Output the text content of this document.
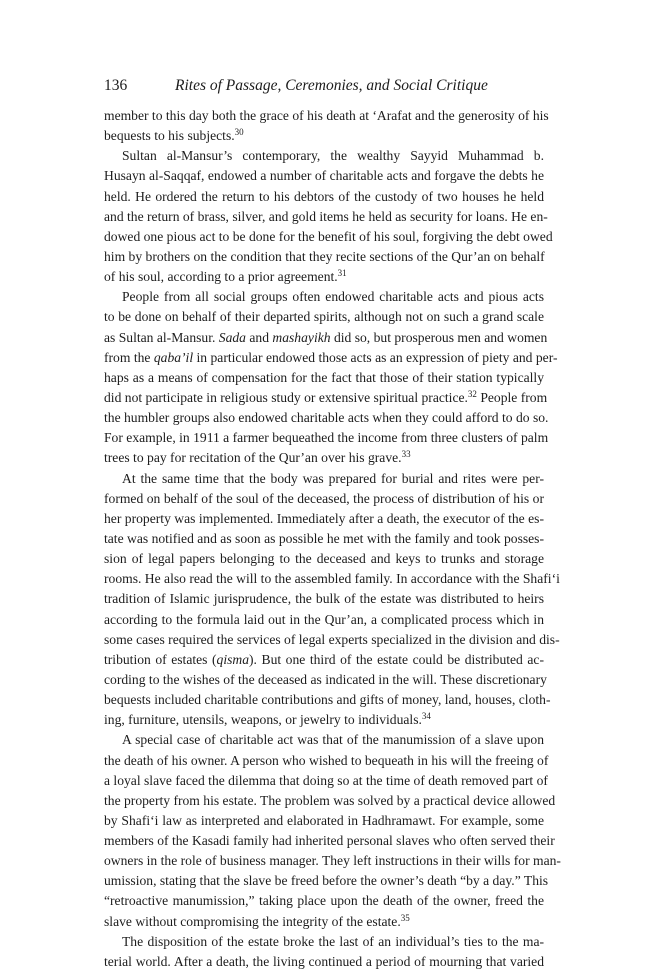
136	Rites of Passage, Ceremonies, and Social Critique
member to this day both the grace of his death at ‘Arafat and the generosity of his
bequests to his subjects.$^{30}$
Sultan al-Mansur’s contemporary, the wealthy Sayyid Muhammad b.
Husayn al-Saqqaf, endowed a number of charitable acts and forgave the debts he
held. He ordered the return to his debtors of the custody of two houses he held
and the return of brass, silver, and gold items he held as security for loans. He en-
dowed one pious act to be done for the benefit of his soul, forgiving the debt owed
him by brothers on the condition that they recite sections of the Qur’an on behalf
of his soul, according to a prior agreement.$^{31}$
People from all social groups often endowed charitable acts and pious acts
to be done on behalf of their departed spirits, although not on such a grand scale
as Sultan al-Mansur. Sada and mashayikh did so, but prosperous men and women
from the qaba’il in particular endowed those acts as an expression of piety and per-
haps as a means of compensation for the fact that those of their station typically
did not participate in religious study or extensive spiritual practice.$^{32}$ People from
the humbler groups also endowed charitable acts when they could afford to do so.
For example, in 1911 a farmer bequeathed the income from three clusters of palm
trees to pay for recitation of the Qur’an over his grave.$^{33}$
At the same time that the body was prepared for burial and rites were per-
formed on behalf of the soul of the deceased, the process of distribution of his or
her property was implemented. Immediately after a death, the executor of the es-
tate was notified and as soon as possible he met with the family and took posses-
sion of legal papers belonging to the deceased and keys to trunks and storage
rooms. He also read the will to the assembled family. In accordance with the Shafi‘i
tradition of Islamic jurisprudence, the bulk of the estate was distributed to heirs
according to the formula laid out in the Qur’an, a complicated process which in
some cases required the services of legal experts specialized in the division and dis-
tribution of estates (qisma). But one third of the estate could be distributed ac-
cording to the wishes of the deceased as indicated in the will. These discretionary
bequests included charitable contributions and gifts of money, land, houses, cloth-
ing, furniture, utensils, weapons, or jewelry to individuals.$^{34}$
A special case of charitable act was that of the manumission of a slave upon
the death of his owner. A person who wished to bequeath in his will the freeing of
a loyal slave faced the dilemma that doing so at the time of death removed part of
the property from his estate. The problem was solved by a practical device allowed
by Shafi‘i law as interpreted and elaborated in Hadhramawt. For example, some
members of the Kasadi family had inherited personal slaves who often served their
owners in the role of business manager. They left instructions in their wills for man-
umission, stating that the slave be freed before the owner’s death “by a day.” This
“retroactive manumission,” taking place upon the death of the owner, freed the
slave without compromising the integrity of the estate.$^{35}$
The disposition of the estate broke the last of an individual’s ties to the ma-
terial world. After a death, the living continued a period of mourning that varied
